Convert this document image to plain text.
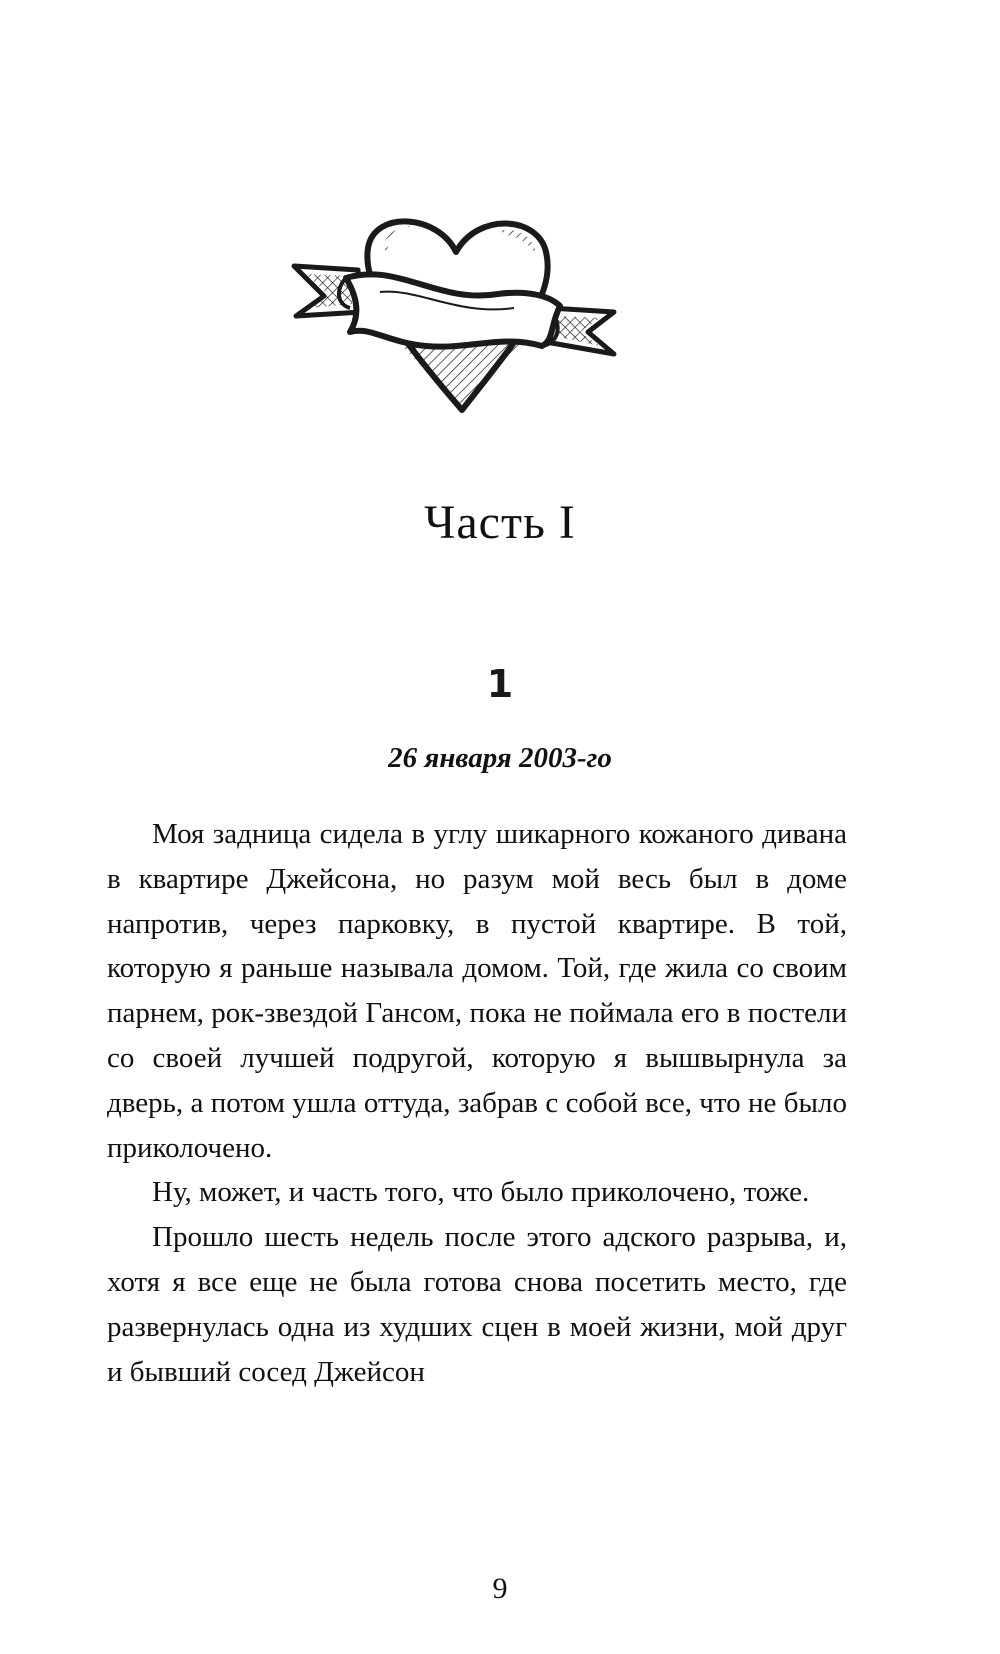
Часть I
1
26 января 2003-го

Моя задница сидела в углу шикарного кожаного дивана в квартире Джейсона, но разум мой весь был в доме напротив, через парковку, в пустой квартире. В той, которую я раньше называла домом. Той, где жила со своим парнем, рок-звездой Гансом, пока не поймала его в постели со своей лучшей подругой, которую я вышвырнула за дверь, а потом ушла оттуда, забрав с собой все, что не было приколочено.

Ну, может, и часть того, что было приколочено, тоже.

Прошло шесть недель после этого адского разрыва, и, хотя я все еще не была готова снова посетить место, где развернулась одна из худших сцен в моей жизни, мой друг и бывший сосед Джейсон

9
